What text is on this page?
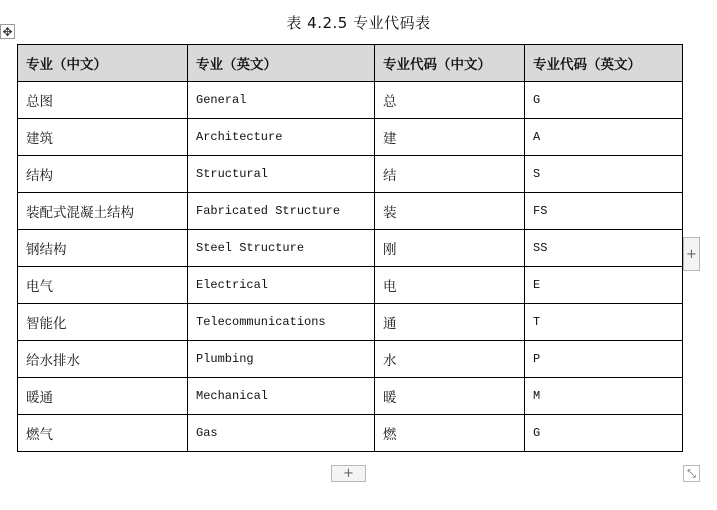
表 4.2.5 专业代码表
✥
专业（中文）	专业（英文）	专业代码（中文）	专业代码（英文）
总图	General	总	G
建筑	Architecture	建	A
结构	Structural	结	S
装配式混凝土结构	Fabricated Structure	装	FS
钢结构	Steel Structure	刚	SS
电气	Electrical	电	E
智能化	Telecommunications	通	T
给水排水	Plumbing	水	P
暖通	Mechanical	暖	M
燃气	Gas	燃	G
+
+	⤡
